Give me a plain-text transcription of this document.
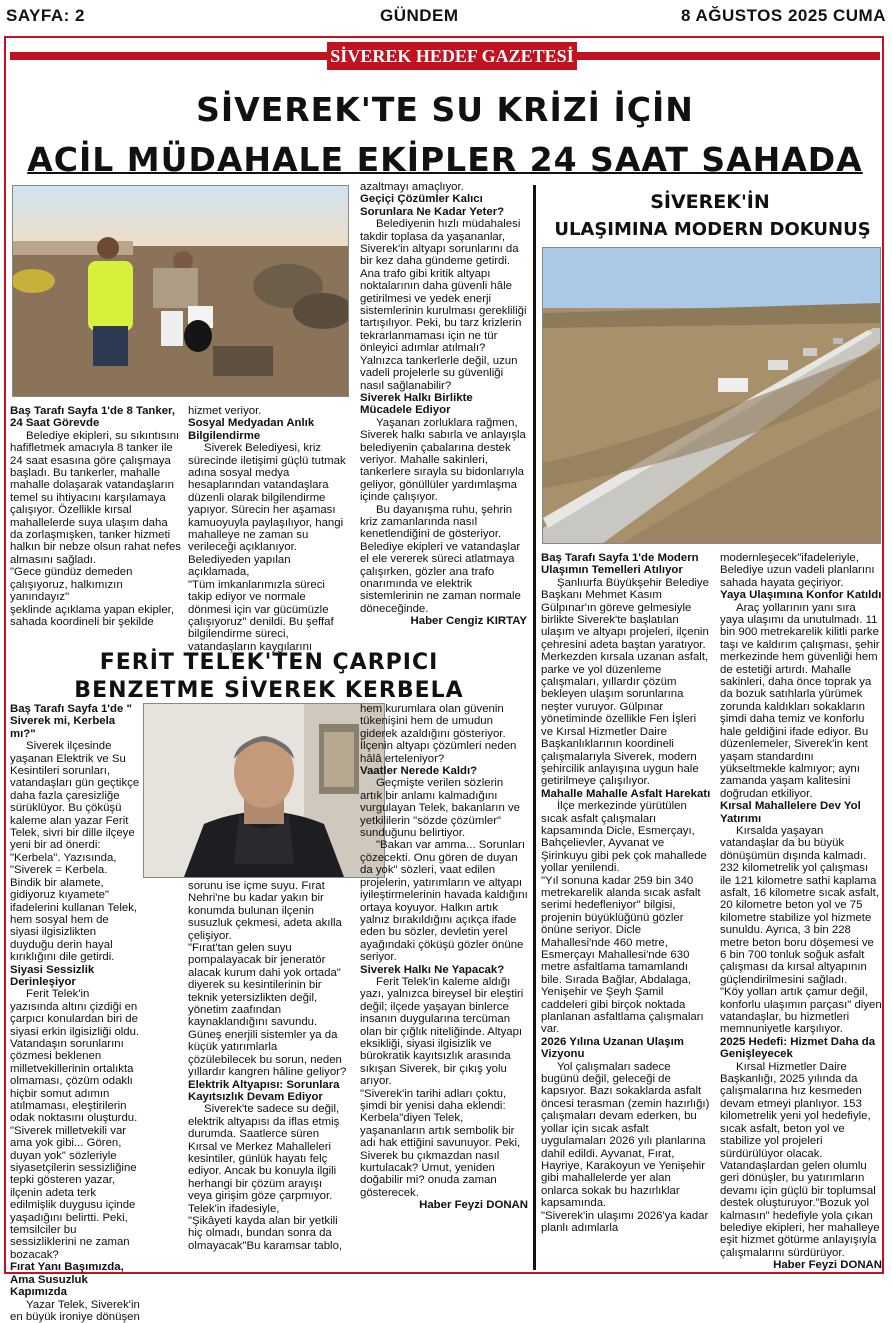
SAYFA: 2	GÜNDEM	8 AĞUSTOS 2025 CUMA
SİVEREK HEDEF GAZETESİ
SİVEREK'TE SU KRİZİ İÇİN
ACİL MÜDAHALE EKİPLER 24 SAAT SAHADA

Baş Tarafı Sayfa 1'de 8 Tanker, 24 Saat Görevde

Belediye ekipleri, su sıkıntısını hafifletmek amacıyla 8 tanker ile 24 saat esasına göre çalışmaya başladı. Bu tankerler, mahalle mahalle dolaşarak vatandaşların temel su ihtiyacını karşılamaya çalışıyor. Özellikle kırsal mahallelerde suya ulaşım daha da zorlaşmışken, tanker hizmeti halkın bir nebze olsun rahat nefes almasını sağladı.

"Gece gündüz demeden çalışıyoruz, halkımızın yanındayız"

şeklinde açıklama yapan ekipler, sahada koordineli bir şekilde

hizmet veriyor.

Sosyal Medyadan Anlık Bilgilendirme

Siverek Belediyesi, kriz sürecinde iletişimi güçlü tutmak adına sosyal medya hesaplarından vatandaşlara düzenli olarak bilgilendirme yapıyor. Sürecin her aşaması kamuoyuyla paylaşılıyor, hangi mahalleye ne zaman su verileceği açıklanıyor. Belediyeden yapılan açıklamada,

"Tüm imkanlarımızla süreci takip ediyor ve normale dönmesi için var gücümüzle çalışıyoruz" denildi. Bu şeffaf bilgilendirme süreci, vatandaşların kaygılarını

azaltmayı amaçlıyor.

Geçiçi Çözümler Kalıcı Sorunlara Ne Kadar Yeter?

Belediyenin hızlı müdahalesi takdir toplasa da yaşananlar, Siverek'in altyapı sorunlarını da bir kez daha gündeme getirdi. Ana trafo gibi kritik altyapı noktalarının daha güvenli hâle getirilmesi ve yedek enerji sistemlerinin kurulması gerekliliği tartışılıyor. Peki, bu tarz krizlerin tekrarlanmaması için ne tür önleyici adımlar atılmalı? Yalnızca tankerlerle değil, uzun vadeli projelerle su güvenliği nasıl sağlanabilir?

Siverek Halkı Birlikte Mücadele Ediyor

Yaşanan zorluklara rağmen, Siverek halkı sabırla ve anlayışla belediyenin çabalarına destek veriyor. Mahalle sakinleri, tankerlere sırayla su bidonlarıyla geliyor, gönüllüler yardımlaşma içinde çalışıyor.

Bu dayanışma ruhu, şehrin kriz zamanlarında nasıl kenetlendiğini de gösteriyor. Belediye ekipleri ve vatandaşlar el ele vererek süreci atlatmaya çalışırken, gözler ana trafo onarımında ve elektrik sistemlerinin ne zaman normale döneceğinde.

Haber Cengiz KIRTAY

FERİT TELEK'TEN ÇARPICI
BENZETME SİVEREK KERBELA

Baş Tarafı Sayfa 1'de " Siverek mi, Kerbela mı?"

Siverek ilçesinde yaşanan Elektrik ve Su Kesintileri sorunları, vatandaşları gün geçtikçe daha fazla çaresizliğe sürüklüyor. Bu çöküşü kaleme alan yazar Ferit Telek, sivri bir dille ilçeye yeni bir ad önerdi: "Kerbela". Yazısında,

"Siverek = Kerbela. Bindik bir alamete, gidiyoruz kıyamete" ifadelerini kullanan Telek, hem sosyal hem de siyasi ilgisizlikten duyduğu derin hayal kırıklığını dile getirdi.

Siyasi Sessizlik Derinleşiyor

Ferit Telek'in yazısında altını çizdiği en çarpıcı konulardan biri de siyasi erkin ilgisizliği oldu. Vatandaşın sorunlarını çözmesi beklenen milletvekillerinin ortalıkta olmaması, çözüm odaklı hiçbir somut adımın atılmaması, eleştirilerin odak noktasını oluşturdu.

"Siverek milletvekili var ama yok gibi... Gören, duyan yok" sözleriyle siyasetçilerin sessizliğine tepki gösteren yazar, ilçenin adeta terk edilmişlik duygusu içinde yaşadığını belirtti. Peki, temsilciler bu sessizliklerini ne zaman bozacak?

Fırat Yanı Başımızda, Ama Susuzluk Kapımızda

Yazar Telek, Siverek'in en büyük ironiye dönüşen

sorunu ise içme suyu. Fırat Nehri'ne bu kadar yakın bir konumda bulunan ilçenin susuzluk çekmesi, adeta akılla çelişiyor.

"Fırat'tan gelen suyu pompalayacak bir jeneratör alacak kurum dahi yok ortada" diyerek su kesintilerinin bir teknik yetersizlikten değil, yönetim zaafından kaynaklandığını savundu. Güneş enerjili sistemler ya da küçük yatırımlarla çözülebilecek bu sorun, neden yıllardır kangren hâline geliyor?

Elektrik Altyapısı: Sorunlara Kayıtsızlık Devam Ediyor

Siverek'te sadece su değil, elektrik altyapısı da iflas etmiş durumda. Saatlerce süren Kırsal ve Merkez Mahalleleri kesintiler, günlük hayatı felç ediyor. Ancak bu konuyla ilgili herhangi bir çözüm arayışı veya girişim göze çarpmıyor. Telek'in ifadesiyle,

"Şikâyeti kayda alan bir yetkili hiç olmadı, bundan sonra da olmayacak"Bu karamsar tablo,

hem kurumlara olan güvenin tükenişini hem de umudun giderek azaldığını gösteriyor. İlçenin altyapı çözümleri neden hâlâ erteleniyor?

Vaatler Nerede Kaldı?

Geçmişte verilen sözlerin artık bir anlamı kalmadığını vurgulayan Telek, bakanların ve yetkililerin "sözde çözümler" sunduğunu belirtiyor.

"Bakan var amma... Sorunları çözecekti. Onu gören de duyan da yok" sözleri, vaat edilen projelerin, yatırımların ve altyapı iyileştirmelerinin havada kaldığını ortaya koyuyor. Halkın artık yalnız bırakıldığını açıkça ifade eden bu sözler, devletin yerel ayağındaki çöküşü gözler önüne seriyor.

Siverek Halkı Ne Yapacak?

Ferit Telek'in kaleme aldığı yazı, yalnızca bireysel bir eleştiri değil; ilçede yaşayan binlerce insanın duygularına tercüman olan bir çığlık niteliğinde. Altyapı eksikliği, siyasi ilgisizlik ve bürokratik kayıtsızlık arasında sıkışan Siverek, bir çıkış yolu arıyor.

"Siverek'in tarihi adları çoktu, şimdi bir yenisi daha eklendi: Kerbela"diyen Telek, yaşananların artık sembolik bir adı hak ettiğini savunuyor. Peki, Siverek bu çıkmazdan nasıl kurtulacak? Umut, yeniden doğabilir mi? onuda zaman gösterecek.

Haber Feyzi DONAN

SİVEREK'İN
ULAŞIMINA MODERN DOKUNUŞ

Baş Tarafı Sayfa 1'de Modern Ulaşımın Temelleri Atılıyor

Şanlıurfa Büyükşehir Belediye Başkanı Mehmet Kasım Gülpınar'ın göreve gelmesiyle birlikte Siverek'te başlatılan ulaşım ve altyapı projeleri, ilçenin çehresini adeta baştan yaratıyor. Merkezden kırsala uzanan asfalt, parke ve yol düzenleme çalışmaları, yıllardır çözüm bekleyen ulaşım sorunlarına neşter vuruyor. Gülpınar yönetiminde özellikle Fen İşleri ve Kırsal Hizmetler Daire Başkanlıklarının koordineli çalışmalarıyla Siverek, modern şehircilik anlayışına uygun hale getirilmeye çalışılıyor.

Mahalle Mahalle Asfalt Harekatı

İlçe merkezinde yürütülen sıcak asfalt çalışmaları kapsamında Dicle, Esmerçayı, Bahçelievler, Ayvanat ve Şirinkuyu gibi pek çok mahallede yollar yenilendi.

"Yıl sonuna kadar 259 bin 340 metrekarelik alanda sıcak asfalt serimi hedefleniyor" bilgisi, projenin büyüklüğünü gözler önüne seriyor. Dicle Mahallesi'nde 460 metre, Esmerçayı Mahallesi'nde 630 metre asfaltlama tamamlandı bile. Sırada Bağlar, Abdalaga, Yenişehir ve Şeyh Şamil caddeleri gibi birçok noktada planlanan asfaltlama çalışmaları var.

2026 Yılına Uzanan Ulaşım Vizyonu

Yol çalışmaları sadece bugünü değil, geleceği de kapsıyor. Bazı sokaklarda asfalt öncesi terasman (zemin hazırlığı) çalışmaları devam ederken, bu yollar için sıcak asfalt uygulamaları 2026 yılı planlarına dahil edildi. Ayvanat, Fırat, Hayriye, Karakoyun ve Yenişehir gibi mahallelerde yer alan onlarca sokak bu hazırlıklar kapsamında.

"Siverek'in ulaşımı 2026'ya kadar planlı adımlarla

modernleşecek"ifadeleriyle, Belediye uzun vadeli planlarını sahada hayata geçiriyor.

Yaya Ulaşımına Konfor Katıldı

Araç yollarının yanı sıra yaya ulaşımı da unutulmadı. 11 bin 900 metrekarelik kilitli parke taşı ve kaldırım çalışması, şehir merkezinde hem güvenliği hem de estetiği artırdı. Mahalle sakinleri, daha önce toprak ya da bozuk satıhlarla yürümek zorunda kaldıkları sokakların şimdi daha temiz ve konforlu hale geldiğini ifade ediyor. Bu düzenlemeler, Siverek'in kent yaşam standardını yükseltmekle kalmıyor; aynı zamanda yaşam kalitesini doğrudan etkiliyor.

Kırsal Mahallelere Dev Yol Yatırımı

Kırsalda yaşayan vatandaşlar da bu büyük dönüşümün dışında kalmadı. 232 kilometrelik yol çalışması ile 121 kilometre sathi kaplama asfalt, 16 kilometre sıcak asfalt, 20 kilometre beton yol ve 75 kilometre stabilize yol hizmete sunuldu. Ayrıca, 3 bin 228 metre beton boru döşemesi ve 6 bin 700 tonluk soğuk asfalt çalışması da kırsal altyapının güçlendirilmesini sağladı.

"Köy yolları artık çamur değil, konforlu ulaşımın parçası" diyen vatandaşlar, bu hizmetleri memnuniyetle karşılıyor.

2025 Hedefi: Hizmet Daha da Genişleyecek

Kırsal Hizmetler Daire Başkanlığı, 2025 yılında da çalışmalarına hız kesmeden devam etmeyi planlıyor. 153 kilometrelik yeni yol hedefiyle, sıcak asfalt, beton yol ve stabilize yol projeleri sürdürülüyor olacak. Vatandaşlardan gelen olumlu geri dönüşler, bu yatırımların devamı için güçlü bir toplumsal destek oluşturuyor."Bozuk yol kalmasın" hedefiyle yola çıkan belediye ekipleri, her mahalleye eşit hizmet götürme anlayışıyla çalışmalarını sürdürüyor.

Haber Feyzi DONAN
